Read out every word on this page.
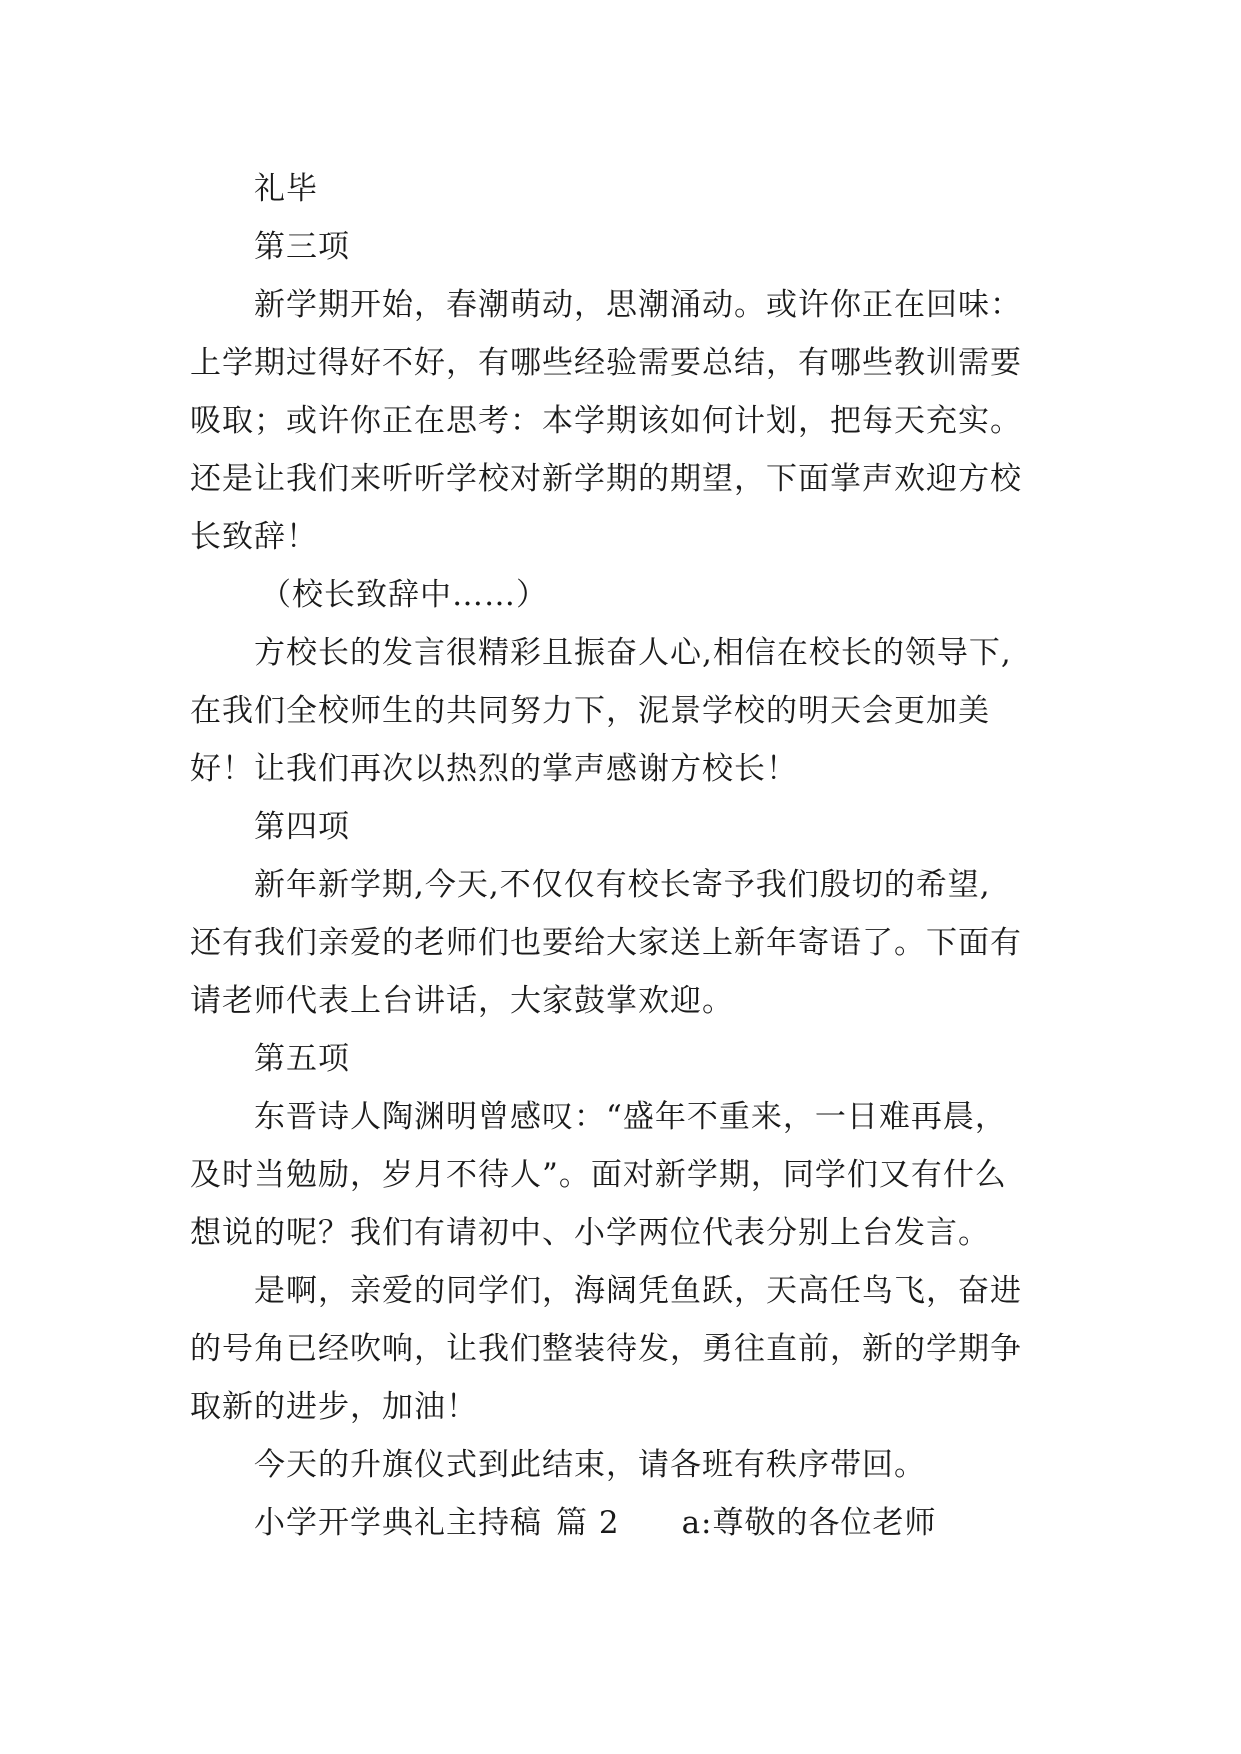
礼毕
第三项
新学期开始，春潮萌动，思潮涌动。或许你正在回味：
上学期过得好不好，有哪些经验需要总结，有哪些教训需要
吸取；或许你正在思考：本学期该如何计划，把每天充实。
还是让我们来听听学校对新学期的期望，下面掌声欢迎方校
长致辞！
（校长致辞中……）
方校长的发言很精彩且振奋人心,相信在校长的领导下,
在我们全校师生的共同努力下，泥景学校的明天会更加美
好！让我们再次以热烈的掌声感谢方校长！
第四项
新年新学期,今天,不仅仅有校长寄予我们殷切的希望,
还有我们亲爱的老师们也要给大家送上新年寄语了。下面有
请老师代表上台讲话，大家鼓掌欢迎。
第五项
东晋诗人陶渊明曾感叹：“盛年不重来，一日难再晨，
及时当勉励，岁月不待人”。面对新学期，同学们又有什么
想说的呢？我们有请初中、小学两位代表分别上台发言。
是啊，亲爱的同学们，海阔凭鱼跃，天高任鸟飞，奋进
的号角已经吹响，让我们整装待发，勇往直前，新的学期争
取新的进步，加油！
今天的升旗仪式到此结束，请各班有秩序带回。
小学开学典礼主持稿 篇 2 a:尊敬的各位老师
